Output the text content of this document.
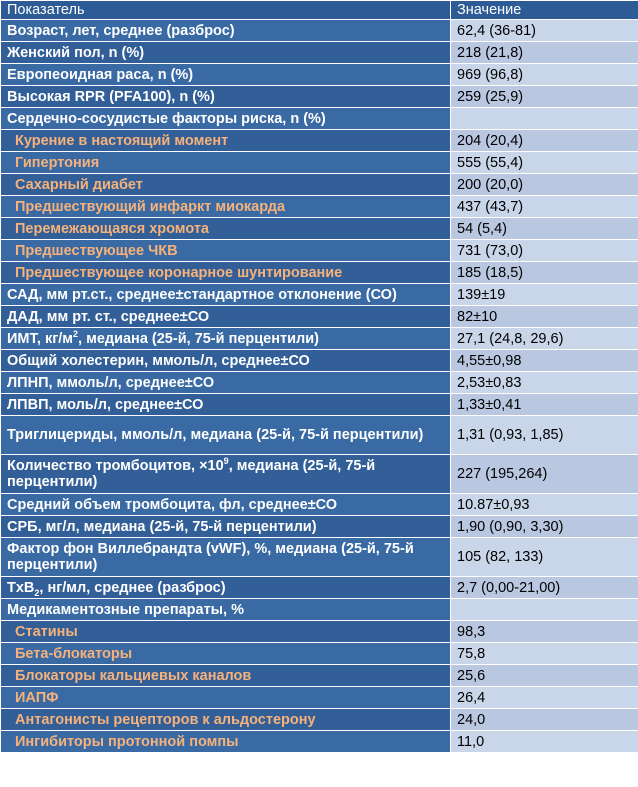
Показатель	Значение
Возраст, лет, среднее (разброс)	62,4 (36-81)
Женский пол, n (%)	218 (21,8)
Европеоидная раса, n (%)	969 (96,8)
Высокая RPR (PFA100), n (%)	259 (25,9)
Сердечно-сосудистые факторы риска, n (%)	
Курение в настоящий момент	204 (20,4)
Гипертония	555 (55,4)
Сахарный диабет	200 (20,0)
Предшествующий инфаркт миокарда	437 (43,7)
Перемежающаяся хромота	54 (5,4)
Предшествующее ЧКВ	731 (73,0)
Предшествующее коронарное шунтирование	185 (18,5)
САД, мм рт.ст., среднее±стандартное отклонение (СО)	139±19
ДАД, мм рт. ст., среднее±СО	82±10
ИМТ, $кг/м^2$, медиана (25-й, 75-й перцентили)	27,1 (24,8, 29,6)
Общий холестерин, ммоль/л, среднее±СО	4,55±0,98
ЛПНП, ммоль/л, среднее±СО	2,53±0,83
ЛПВП, моль/л, среднее±СО	1,33±0,41
Триглицериды, ммоль/л, медиана (25-й, 75-й перцентили)	1,31 (0,93, 1,85)
Количество тромбоцитов, $\times 10^9$, медиана (25-й, 75-й перцентили)	227 (195,264)
Средний объем тромбоцита, фл, среднее±СО	10.87±0,93
СРБ, мг/л, медиана (25-й, 75-й перцентили)	1,90 (0,90, 3,30)
Фактор фон Виллебрандта (vWF), %, медиана (25-й, 75-й перцентили)	105 (82, 133)
TxB$_2$, нг/мл, среднее (разброс)	2,7 (0,00-21,00)
Медикаментозные препараты, %	
Статины	98,3
Бета-блокаторы	75,8
Блокаторы кальциевых каналов	25,6
ИАПФ	26,4
Антагонисты рецепторов к альдостерону	24,0
Ингибиторы протонной помпы	11,0
